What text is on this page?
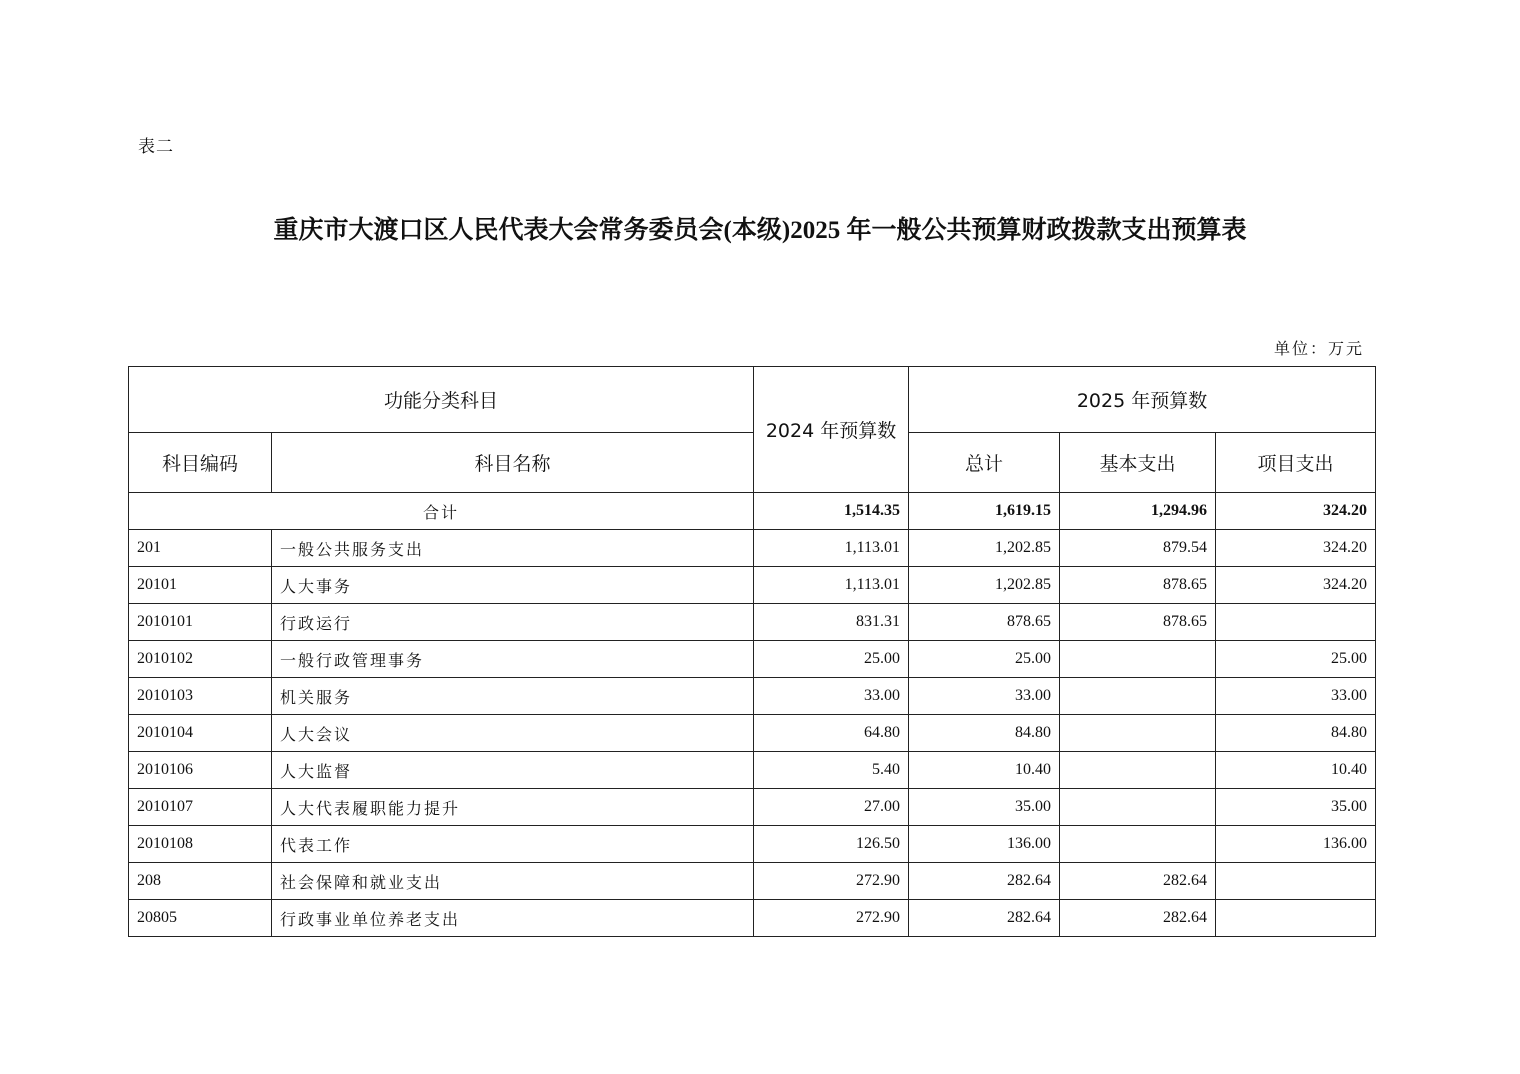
表二
重庆市大渡口区人民代表大会常务委员会(本级)2025 年一般公共预算财政拨款支出预算表
单位：万元
功能分类科目		2024 年预算数	2025 年预算数		
科目编码	科目名称		总计	基本支出	项目支出
合计		1,514.35	1,619.15	1,294.96	324.20
201	一般公共服务支出	1,113.01	1,202.85	879.54	324.20
20101	人大事务	1,113.01	1,202.85	878.65	324.20
2010101	行政运行	831.31	878.65	878.65	
2010102	一般行政管理事务	25.00	25.00		25.00
2010103	机关服务	33.00	33.00		33.00
2010104	人大会议	64.80	84.80		84.80
2010106	人大监督	5.40	10.40		10.40
2010107	人大代表履职能力提升	27.00	35.00		35.00
2010108	代表工作	126.50	136.00		136.00
208	社会保障和就业支出	272.90	282.64	282.64	
20805	行政事业单位养老支出	272.90	282.64	282.64	
